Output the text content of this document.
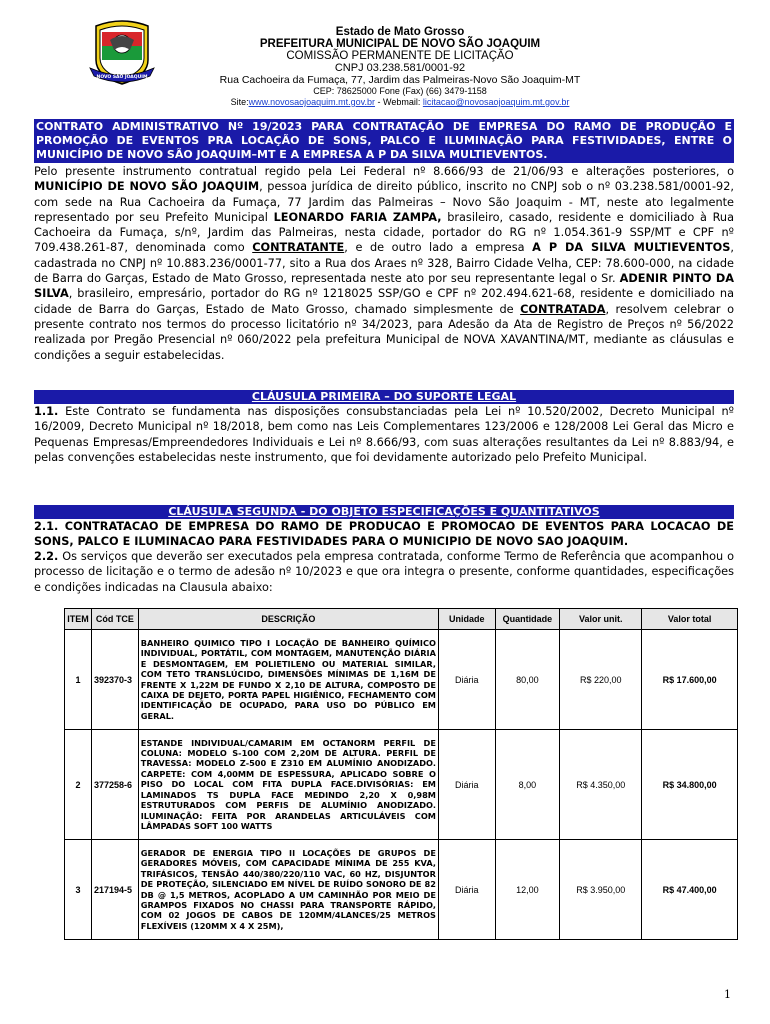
NOVO SÃO JOAQUIM
Estado de Mato Grosso
PREFEITURA MUNICIPAL DE NOVO SÃO JOAQUIM
COMISSÃO PERMANENTE DE LICITAÇÃO
CNPJ 03.238.581/0001-92
Rua Cachoeira da Fumaça, 77, Jardim das Palmeiras-Novo São Joaquim-MT
CEP: 78625000 Fone (Fax) (66) 3479-1158
Site:www.novosaojoaquim.mt.gov.br - Webmail: licitacao@novosaojoaquim.mt.gov.br
CONTRATO ADMINISTRATIVO Nº 19/2023 PARA CONTRATAÇÃO DE EMPRESA DO RAMO DE PRODUÇÃO E PROMOÇÃO DE EVENTOS PRA LOCAÇÃO DE SONS, PALCO E ILUMINAÇÃO PARA FESTIVIDADES, ENTRE O MUNICÍPIO DE NOVO SÃO JOAQUIM–MT E A EMPRESA A P DA SILVA MULTIEVENTOS.
Pelo presente instrumento contratual regido pela Lei Federal nº 8.666/93 de 21/06/93 e alterações posteriores, o MUNICÍPIO DE NOVO SÃO JOAQUIM, pessoa jurídica de direito público, inscrito no CNPJ sob o nº 03.238.581/0001-92, com sede na Rua Cachoeira da Fumaça, 77 Jardim das Palmeiras – Novo São Joaquim - MT, neste ato legalmente representado por seu Prefeito Municipal LEONARDO FARIA ZAMPA, brasileiro, casado, residente e domiciliado à Rua Cachoeira da Fumaça, s/nº, Jardim das Palmeiras, nesta cidade, portador do RG nº 1.054.361-9 SSP/MT e CPF nº 709.438.261-87, denominada como CONTRATANTE, e de outro lado a empresa A P DA SILVA MULTIEVENTOS, cadastrada no CNPJ nº 10.883.236/0001-77, sito a Rua dos Araes nº 328, Bairro Cidade Velha, CEP: 78.600-000, na cidade de Barra do Garças, Estado de Mato Grosso, representada neste ato por seu representante legal o Sr. ADENIR PINTO DA SILVA, brasileiro, empresário, portador do RG nº 1218025 SSP/GO e CPF nº 202.494.621-68, residente e domiciliado na cidade de Barra do Garças, Estado de Mato Grosso, chamado simplesmente de CONTRATADA, resolvem celebrar o presente contrato nos termos do processo licitatório nº 34/2023, para Adesão da Ata de Registro de Preços nº 56/2022 realizada por Pregão Presencial nº 060/2022 pela prefeitura Municipal de NOVA XAVANTINA/MT, mediante as cláusulas e condições a seguir estabelecidas.
CLÁUSULA PRIMEIRA – DO SUPORTE LEGAL
1.1. Este Contrato se fundamenta nas disposições consubstanciadas pela Lei nº 10.520/2002, Decreto Municipal nº 16/2009, Decreto Municipal nº 18/2018, bem como nas Leis Complementares 123/2006 e 128/2008 Lei Geral das Micro e Pequenas Empresas/Empreendedores Individuais e Lei nº 8.666/93, com suas alterações resultantes da Lei nº 8.883/94, e pelas convenções estabelecidas neste instrumento, que foi devidamente autorizado pelo Prefeito Municipal.
CLÁUSULA SEGUNDA - DO OBJETO ESPECIFICAÇÕES E QUANTITATIVOS
2.1. CONTRATACAO DE EMPRESA DO RAMO DE PRODUCAO E PROMOCAO DE EVENTOS PARA LOCACAO DE SONS, PALCO E ILUMINACAO PARA FESTIVIDADES PARA O MUNICIPIO DE NOVO SAO JOAQUIM.
2.2. Os serviços que deverão ser executados pela empresa contratada, conforme Termo de Referência que acompanhou o processo de licitação e o termo de adesão nº 10/2023 e que ora integra o presente, conforme quantidades, especificações e condições indicadas na Clausula abaixo:
ITEM	Cód TCE	DESCRIÇÃO	Unidade	Quantidade	Valor unit.	Valor total
1	392370-3	BANHEIRO QUIMICO TIPO I LOCAÇÃO DE BANHEIRO QUÍMICO INDIVIDUAL, PORTÁTIL, COM MONTAGEM, MANUTENÇÃO DIÁRIA E DESMONTAGEM, EM POLIETILENO OU MATERIAL SIMILAR, COM TETO TRANSLÚCIDO, DIMENSÕES MÍNIMAS DE 1,16M DE FRENTE X 1,22M DE FUNDO X 2,10 DE ALTURA, COMPOSTO DE CAIXA DE DEJETO, PORTA PAPEL HIGIÊNICO, FECHAMENTO COM IDENTIFICAÇÃO DE OCUPADO, PARA USO DO PÚBLICO EM GERAL.	Diária	80,00	R$ 220,00	R$ 17.600,00
2	377258-6	ESTANDE INDIVIDUAL/CAMARIM EM OCTANORM PERFIL DE COLUNA: MODELO S-100 COM 2,20M DE ALTURA. PERFIL DE TRAVESSA: MODELO Z-500 E Z310 EM ALUMÍNIO ANODIZADO. CARPETE: COM 4,00MM DE ESPESSURA, APLICADO SOBRE O PISO DO LOCAL COM FITA DUPLA FACE.DIVISÓRIAS: EM LAMINADOS TS DUPLA FACE MEDINDO 2,20 X 0,98M ESTRUTURADOS COM PERFIS DE ALUMÍNIO ANODIZADO. ILUMINAÇÃO: FEITA POR ARANDELAS ARTICULÁVEIS COM LÂMPADAS SOFT 100 WATTS	Diária	8,00	R$ 4.350,00	R$ 34.800,00
3	217194-5	GERADOR DE ENERGIA TIPO II LOCAÇÕES DE GRUPOS DE GERADORES MÓVEIS, COM CAPACIDADE MÍNIMA DE 255 KVA, TRIFÁSICOS, TENSÃO 440/380/220/110 VAC, 60 HZ, DISJUNTOR DE PROTEÇÃO, SILENCIADO EM NÍVEL DE RUÍDO SONORO DE 82 DB @ 1,5 METROS, ACOPLADO A UM CAMINHÃO POR MEIO DE GRAMPOS FIXADOS NO CHASSI PARA TRANSPORTE RÁPIDO, COM 02 JOGOS DE CABOS DE 120MM/4LANCES/25 METROS FLEXÍVEIS (120MM X 4 X 25M),	Diária	12,00	R$ 3.950,00	R$ 47.400,00
1
